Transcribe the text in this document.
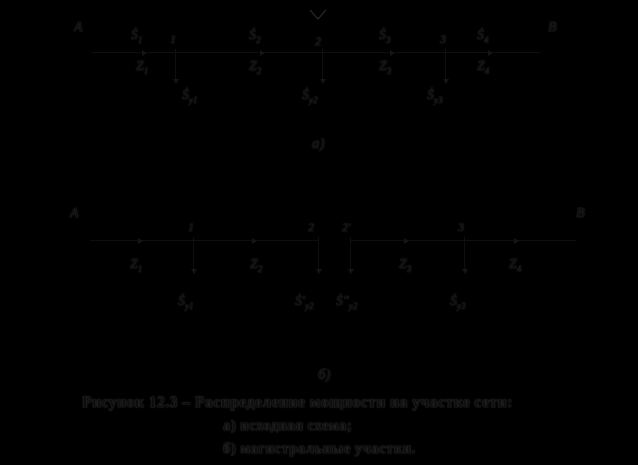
A	B
Ṡ$_1$	Ṡ$_2$	Ṡ$_3$	Ṡ$_4$
1	2	3
$Z_1$	$Z_2$	$Z_3$	$Z_4$
Ṡ$_{у1}$	Ṡ$_{у2}$	Ṡ$_{у3}$
а)
A	B
1	2 2′	3
$Z_1$	$Z_2$	$Z_3$	$Z_4$
Ṡ$_{у1}$	$Ṡ'_{у2}$ $Ṡ''_{у2}$	Ṡ$_{у3}$
б)
Рисунок 12.3 – Распределение мощности на участке сети:
а) исходная схема;
б) магистральные участки.
